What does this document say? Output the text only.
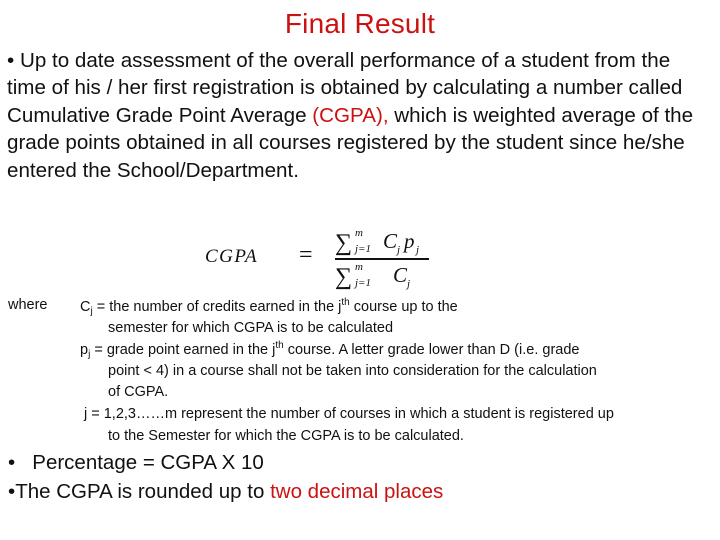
Final Result
• Up to date assessment of the overall performance of a student from the time of his / her first registration is obtained by calculating a number called Cumulative Grade Point Average (CGPA), which is weighted average of the grade points obtained in all courses registered by the student since he/she entered the School/Department.
CGPA = ∑ m
j=1 C j p j
∑ m
j=1 C j
where $C_j$ = the number of credits earned in the $j^{th}$ course up to the
semester for which CGPA is to be calculated
$p_j$ = grade point earned in the $j^{th}$ course. A letter grade lower than D (i.e. grade
point < 4) in a course shall not be taken into consideration for the calculation
of CGPA.
j = 1,2,3……m represent the number of courses in which a student is registered up
to the Semester for which the CGPA is to be calculated.
• Percentage = CGPA X 10
•The CGPA is rounded up to two decimal places
